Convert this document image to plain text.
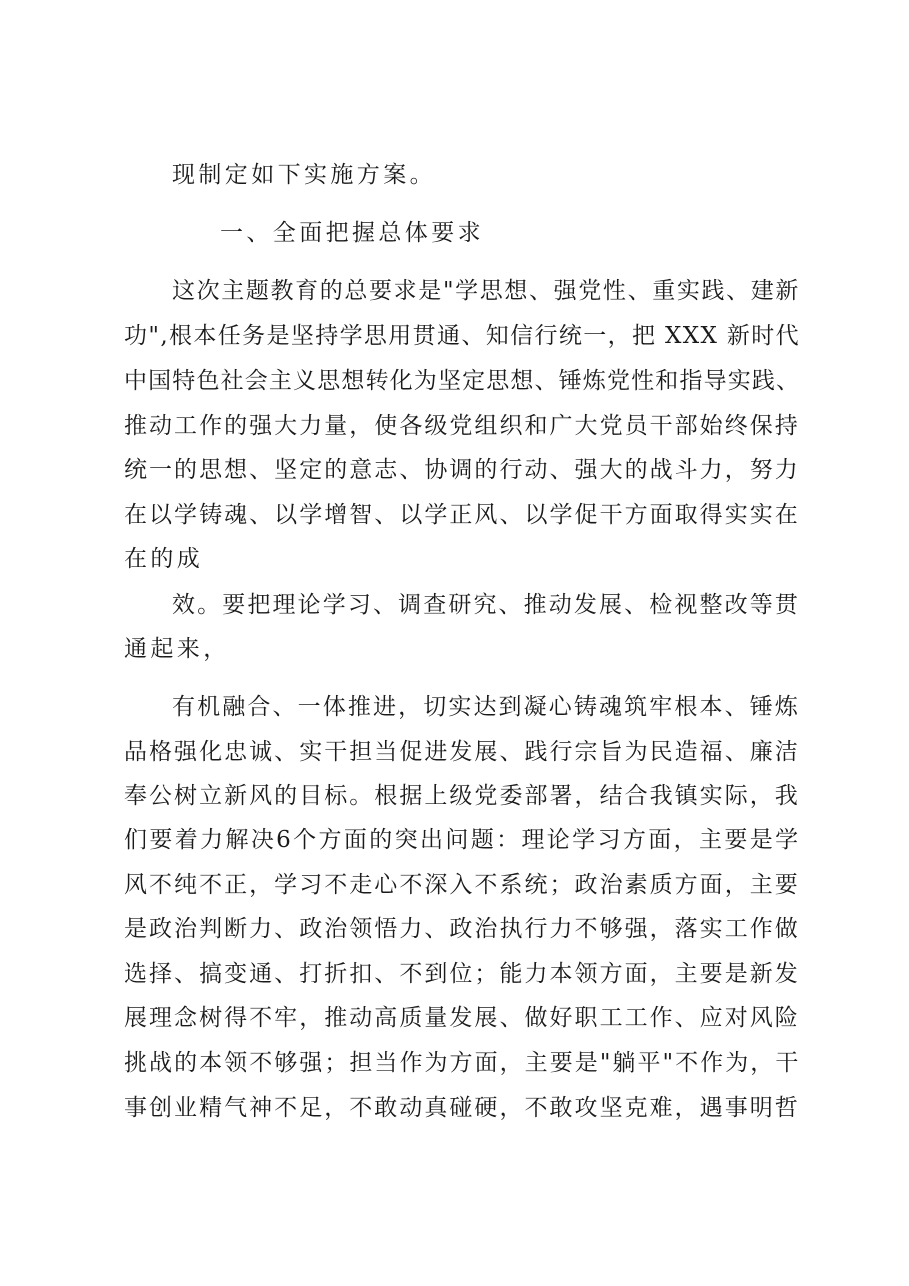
现制定如下实施方案。

一、全面把握总体要求

这次主题教育的总要求是"学思想、强党性、重实践、建新

功",根本任务是坚持学思用贯通、知信行统一，把 XXX 新时代

中国特色社会主义思想转化为坚定思想、锤炼党性和指导实践、

推动工作的强大力量，使各级党组织和广大党员干部始终保持

统一的思想、坚定的意志、协调的行动、强大的战斗力，努力

在以学铸魂、以学增智、以学正风、以学促干方面取得实实在

在的成

效。要把理论学习、调查研究、推动发展、检视整改等贯

通起来，

有机融合、一体推进，切实达到凝心铸魂筑牢根本、锤炼

品格强化忠诚、实干担当促进发展、践行宗旨为民造福、廉洁

奉公树立新风的目标。根据上级党委部署，结合我镇实际，我

们要着力解决6个方面的突出问题：理论学习方面，主要是学

风不纯不正，学习不走心不深入不系统；政治素质方面，主要

是政治判断力、政治领悟力、政治执行力不够强，落实工作做

选择、搞变通、打折扣、不到位；能力本领方面，主要是新发

展理念树得不牢，推动高质量发展、做好职工工作、应对风险

挑战的本领不够强；担当作为方面，主要是"躺平"不作为，干

事创业精气神不足，不敢动真碰硬，不敢攻坚克难，遇事明哲
